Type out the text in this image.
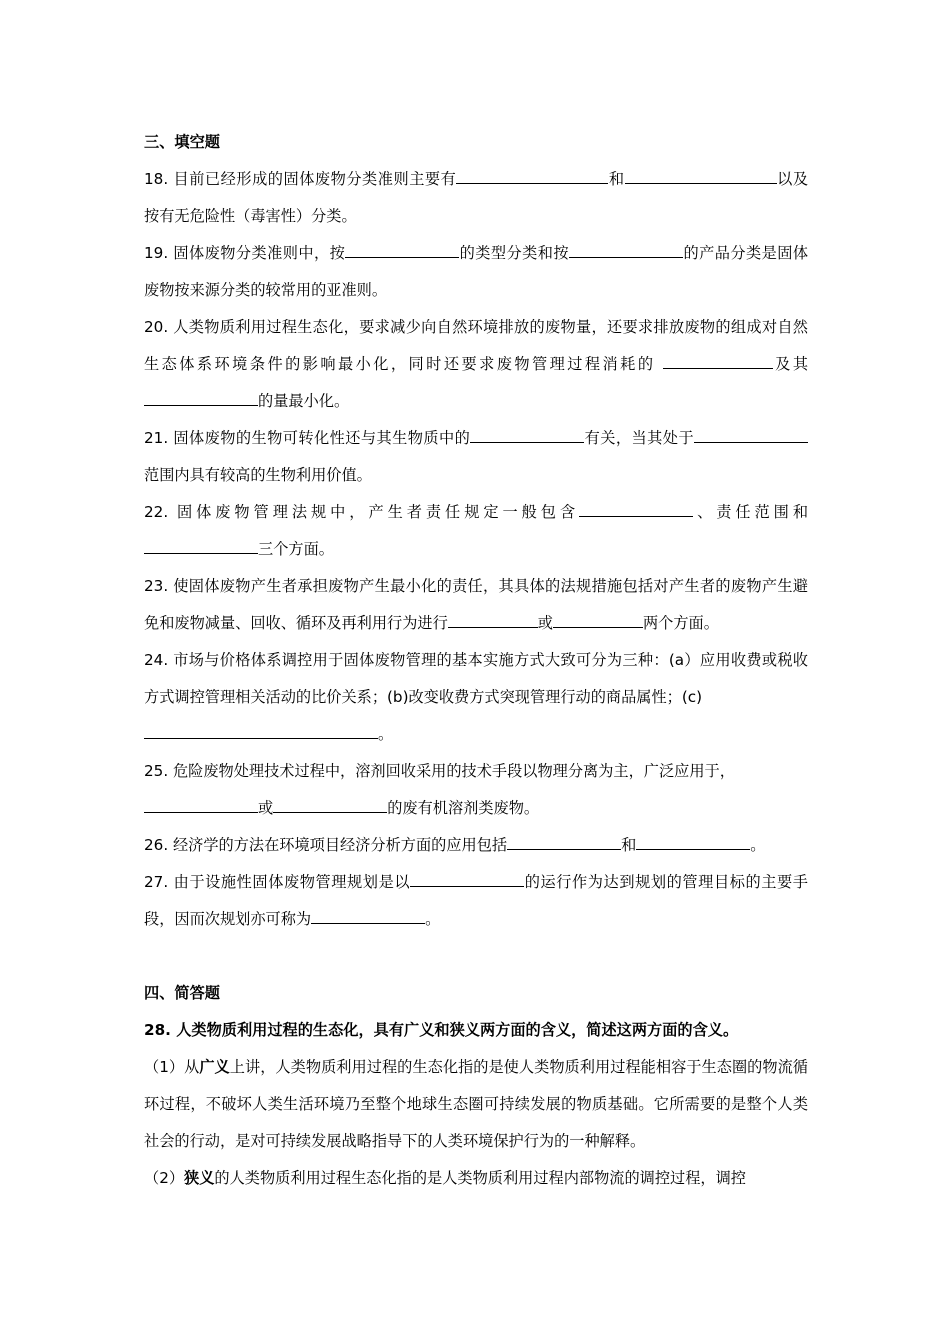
三、填空题
18. 目前已经形成的固体废物分类准则主要有	和	以及按有无危险性（毒害性）分类。
19. 固体废物分类准则中，按	的类型分类和按	的产品分类是固体废物按来源分类的较常用的亚准则。
20. 人类物质利用过程生态化，要求减少向自然环境排放的废物量，还要求排放废物的组成对自然生态体系环境条件的影响最小化，同时还要求废物管理过程消耗的	及其的量最小化。
21. 固体废物的生物可转化性还与其生物质中的	有关，当其处于范围内具有较高的生物利用价值。
22. 固体废物管理法规中，产生者责任规定一般包含	、责任范围和三个方面。
23. 使固体废物产生者承担废物产生最小化的责任，其具体的法规措施包括对产生者的废物产生避免和废物减量、回收、循环及再利用行为进行	或	两个方面。
24. 市场与价格体系调控用于固体废物管理的基本实施方式大致可分为三种：(a）应用收费或税收方式调控管理相关活动的比价关系；(b)改变收费方式突现管理行动的商品属性；(c)
。
25. 危险废物处理技术过程中，溶剂回收采用的技术手段以物理分离为主，广泛应用于，
或	的废有机溶剂类废物。
26. 经济学的方法在环境项目经济分析方面的应用包括	和	。
27. 由于设施性固体废物管理规划是以	的运行作为达到规划的管理目标的主要手段，因而次规划亦可称为	。
四、简答题
28. 人类物质利用过程的生态化，具有广义和狭义两方面的含义，简述这两方面的含义。
（1）从广义上讲，人类物质利用过程的生态化指的是使人类物质利用过程能相容于生态圈的物流循环过程，不破坏人类生活环境乃至整个地球生态圈可持续发展的物质基础。它所需要的是整个人类社会的行动，是对可持续发展战略指导下的人类环境保护行为的一种解释。
（2）狭义的人类物质利用过程生态化指的是人类物质利用过程内部物流的调控过程，调控
